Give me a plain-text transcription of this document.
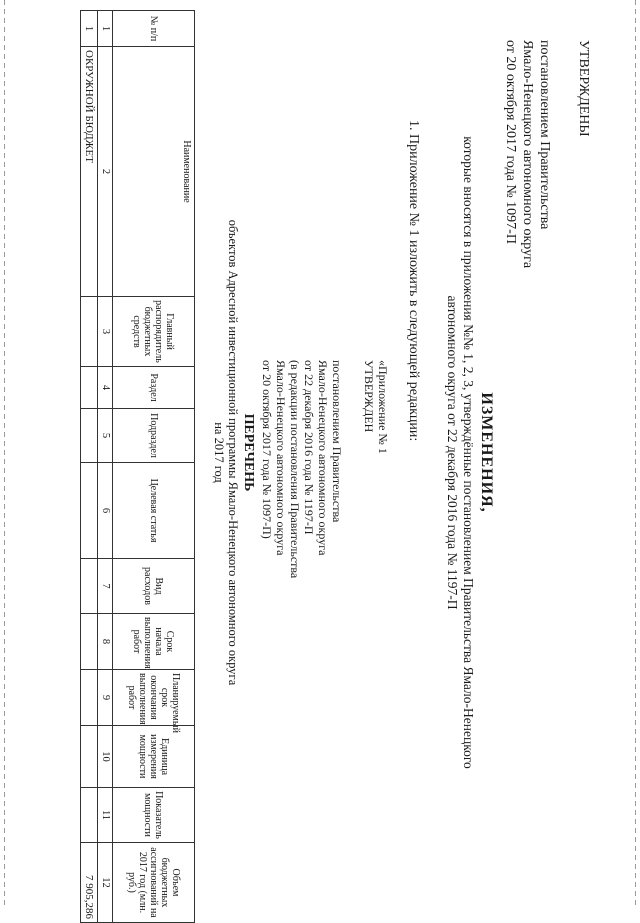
УТВЕРЖДЕНЫ
постановлением Правительства
Ямало-Ненецкого автономного округа
от 20 октября 2017 года № 1097-П
ИЗМЕНЕНИЯ,
которые вносятся в приложения №№ 1, 2, 3, утверждённые постановлением Правительства Ямало-Ненецкого
автономного округа от 22 декабря 2016 года № 1197-П
1. Приложение № 1 изложить в следующей редакции:
«Приложение № 1
УТВЕРЖДЕН
постановлением Правительства
Ямало-Ненецкого автономного округа
от 22 декабря 2016 года № 1197-П
(в редакции постановления Правительства
Ямало-Ненецкого автономного округа
от 20 октября 2017 года № 1097-П)
ПЕРЕЧЕНЬ
объектов Адресной инвестиционной программы Ямало-Ненецкого автономного округа
на 2017 год
№ п/п	Наименование	Главный распорядитель бюджетных средств	Раздел	Подраздел	Целевая статья	Вид расходов	Срок начала выполнения работ	Планируемый срок окончания выполнения работ	Единица измерения мощности	Показатель мощности	Объем бюджетных ассигнований на 2017 год (млн. руб.)
1	2	3	4	5	6	7	8	9	10	11	12
1	ОКРУЖНОЙ БЮДЖЕТ										7 905,286
